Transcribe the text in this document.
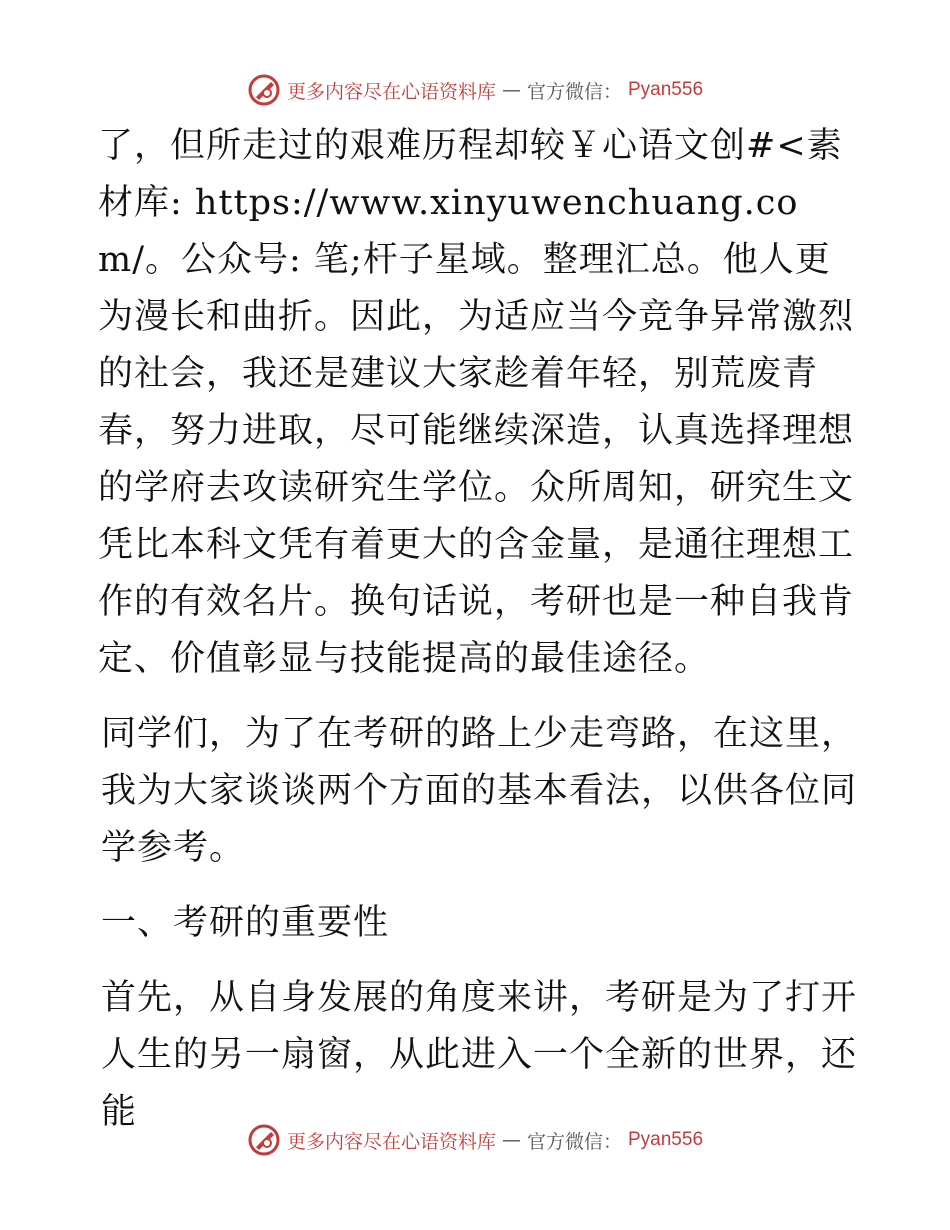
更多内容尽在心语资料库 — 官方微信： Pyan556

了，但所走过的艰难历程却较￥心语文创#<素材库: https://www.xinyuwenchuang.com/。公众号: 笔;杆子星域。整理汇总。他人更为漫长和曲折。因此，为适应当今竞争异常激烈的社会，我还是建议大家趁着年轻，别荒废青春，努力进取，尽可能继续深造，认真选择理想的学府去攻读研究生学位。众所周知，研究生文凭比本科文凭有着更大的含金量，是通往理想工作的有效名片。换句话说，考研也是一种自我肯定、价值彰显与技能提高的最佳途径。

同学们，为了在考研的路上少走弯路，在这里，我为大家谈谈两个方面的基本看法，以供各位同学参考。

一、考研的重要性

首先，从自身发展的角度来讲，考研是为了打开人生的另一扇窗，从此进入一个全新的世界，还能

更多内容尽在心语资料库 — 官方微信： Pyan556
